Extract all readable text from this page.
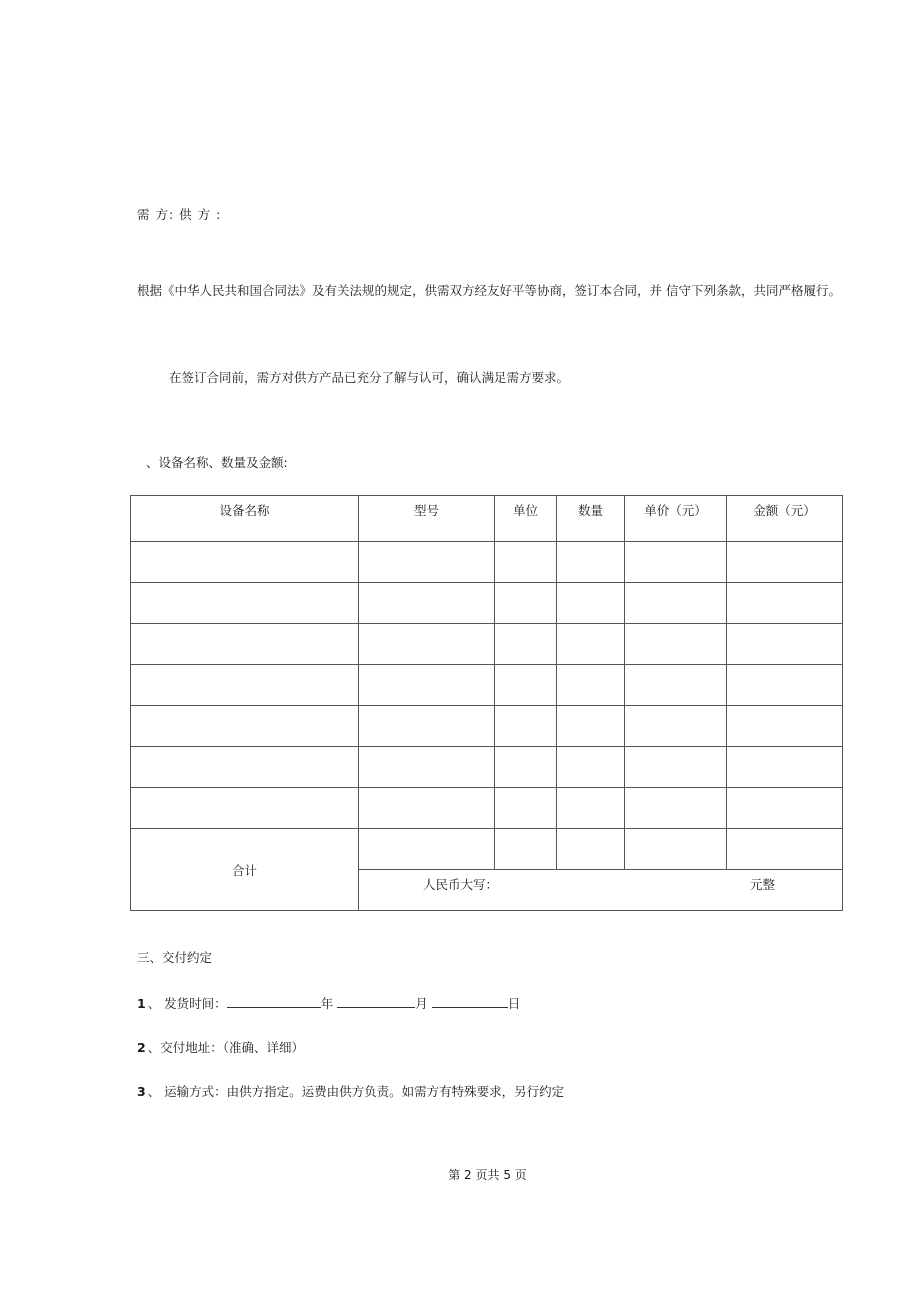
需 方: 供 方 :
根据《中华人民共和国合同法》及有关法规的规定，供需双方经友好平等协商，签订本合同，并 信守下列条款，共同严格履行。
在签订合同前，需方对供方产品已充分了解与认可，确认满足需方要求。
、设备名称、数量及金额:
设备名称	型号	单位	数量	单价（元）	金额（元）

合计					

	人民币大写： 元整				
三、交付约定
1 、 发货时间：	年	月	日
2 、交付地址：（准确、详细）
3 、 运输方式：由供方指定。运费由供方负责。如需方有特殊要求，另行约定
第 2 页共 5 页
